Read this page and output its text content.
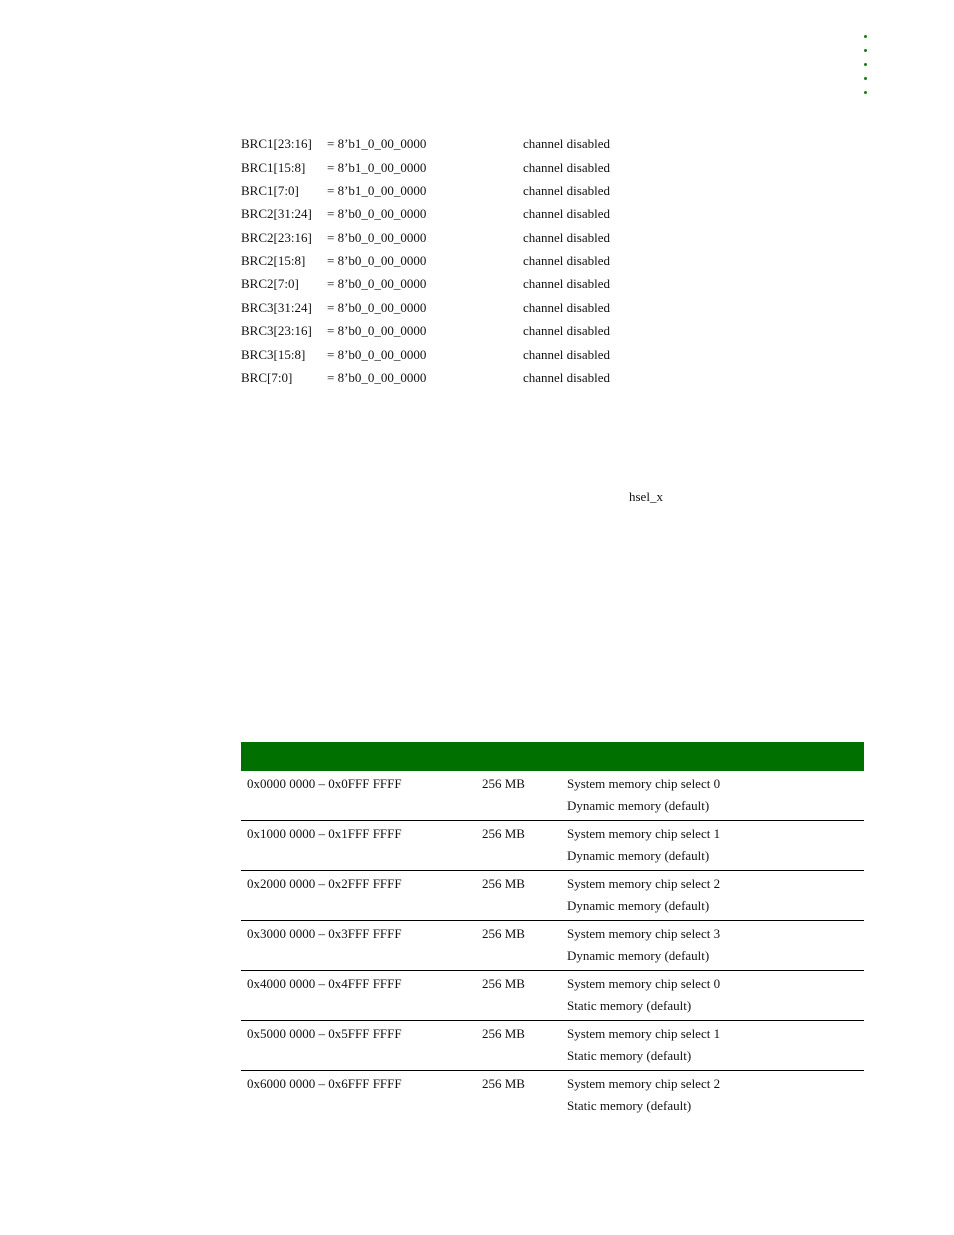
BRC1[23:16] = 8’b1_0_00_0000	channel disabled
BRC1[15:8] = 8’b1_0_00_0000	channel disabled
BRC1[7:0] = 8’b1_0_00_0000	channel disabled
BRC2[31:24] = 8’b0_0_00_0000	channel disabled
BRC2[23:16] = 8’b0_0_00_0000	channel disabled
BRC2[15:8] = 8’b0_0_00_0000	channel disabled
BRC2[7:0] = 8’b0_0_00_0000	channel disabled
BRC3[31:24] = 8’b0_0_00_0000	channel disabled
BRC3[23:16] = 8’b0_0_00_0000	channel disabled
BRC3[15:8] = 8’b0_0_00_0000	channel disabled
BRC[7:0]	= 8’b0_0_00_0000	channel disabled
hsel_x
0x0000 0000 – 0x0FFF FFFF	256 MB	System memory chip select 0
Dynamic memory (default)
0x1000 0000 – 0x1FFF FFFF	256 MB	System memory chip select 1
Dynamic memory (default)
0x2000 0000 – 0x2FFF FFFF	256 MB	System memory chip select 2
Dynamic memory (default)
0x3000 0000 – 0x3FFF FFFF	256 MB	System memory chip select 3
Dynamic memory (default)
0x4000 0000 – 0x4FFF FFFF	256 MB	System memory chip select 0
Static memory (default)
0x5000 0000 – 0x5FFF FFFF	256 MB	System memory chip select 1
Static memory (default)
0x6000 0000 – 0x6FFF FFFF	256 MB	System memory chip select 2
Static memory (default)
